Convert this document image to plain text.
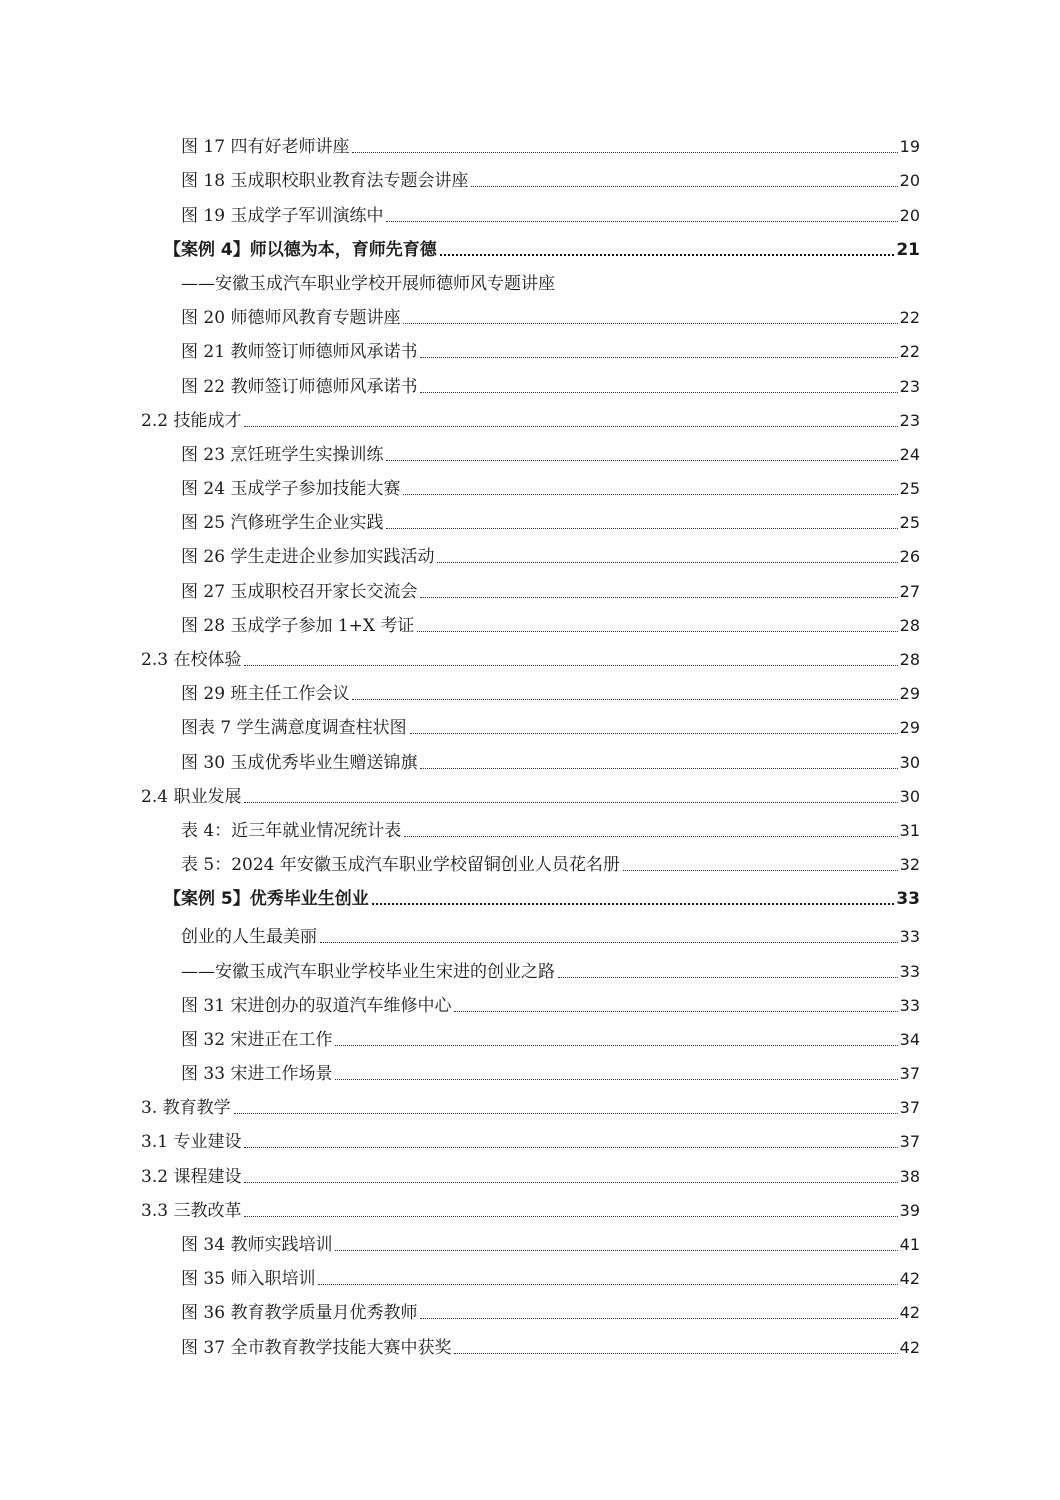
图 17 四有好老师讲座	19
图 18 玉成职校职业教育法专题会讲座	20
图 19 玉成学子军训演练中	20
【案例 4】师以德为本，育师先育德	21
——安徽玉成汽车职业学校开展师德师风专题讲座
图 20 师德师风教育专题讲座	22
图 21 教师签订师德师风承诺书	22
图 22 教师签订师德师风承诺书	23
2.2 技能成才	23
图 23 烹饪班学生实操训练	24
图 24 玉成学子参加技能大赛	25
图 25 汽修班学生企业实践	25
图 26 学生走进企业参加实践活动	26
图 27 玉成职校召开家长交流会	27
图 28 玉成学子参加 1+X 考证	28
2.3 在校体验	28
图 29 班主任工作会议	29
图表 7 学生满意度调查柱状图	29
图 30 玉成优秀毕业生赠送锦旗	30
2.4 职业发展	30
表 4：近三年就业情况统计表	31
表 5：2024 年安徽玉成汽车职业学校留铜创业人员花名册	32
【案例 5】优秀毕业生创业	33
创业的人生最美丽	33
——安徽玉成汽车职业学校毕业生宋进的创业之路	33
图 31 宋进创办的驭道汽车维修中心	33
图 32 宋进正在工作	34
图 33 宋进工作场景	37
3. 教育教学	37
3.1 专业建设	37
3.2 课程建设	38
3.3 三教改革	39
图 34 教师实践培训	41
图 35 师入职培训	42
图 36 教育教学质量月优秀教师	42
图 37 全市教育教学技能大赛中获奖	42
